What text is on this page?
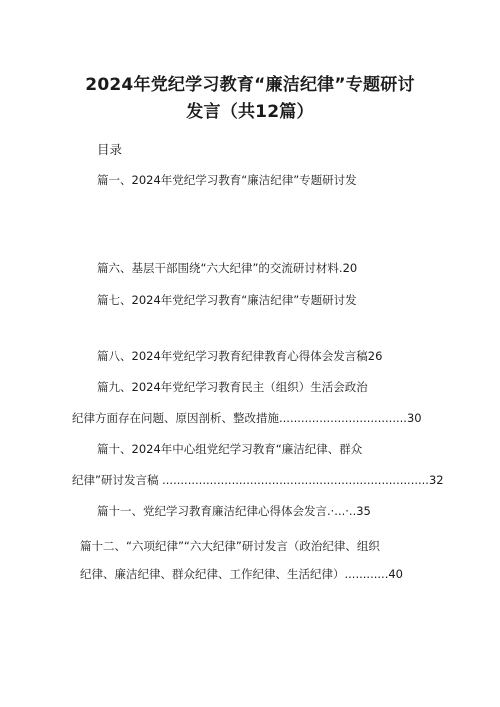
2024年党纪学习教育“廉洁纪律”专题研讨
发言（共12篇）
目录
篇一、2024年党纪学习教育“廉洁纪律”专题研讨发
篇六、基层干部围绕“六大纪律”的交流研讨材料.20
篇七、2024年党纪学习教育“廉洁纪律”专题研讨发
篇八、2024年党纪学习教育纪律教育心得体会发言稿26
篇九、2024年党纪学习教育民主（组织）生活会政治
纪律方面存在问题、原因剖析、整改措施...................................30
篇十、2024年中心组党纪学习教育“廉洁纪律、群众
纪律”研讨发言稿 .........................................................................32
篇十一、党纪学习教育廉洁纪律心得体会发言.·...·..35
篇十二、“六项纪律”“六大纪律”研讨发言（政治纪律、组织
纪律、廉洁纪律、群众纪律、工作纪律、生活纪律）............40
